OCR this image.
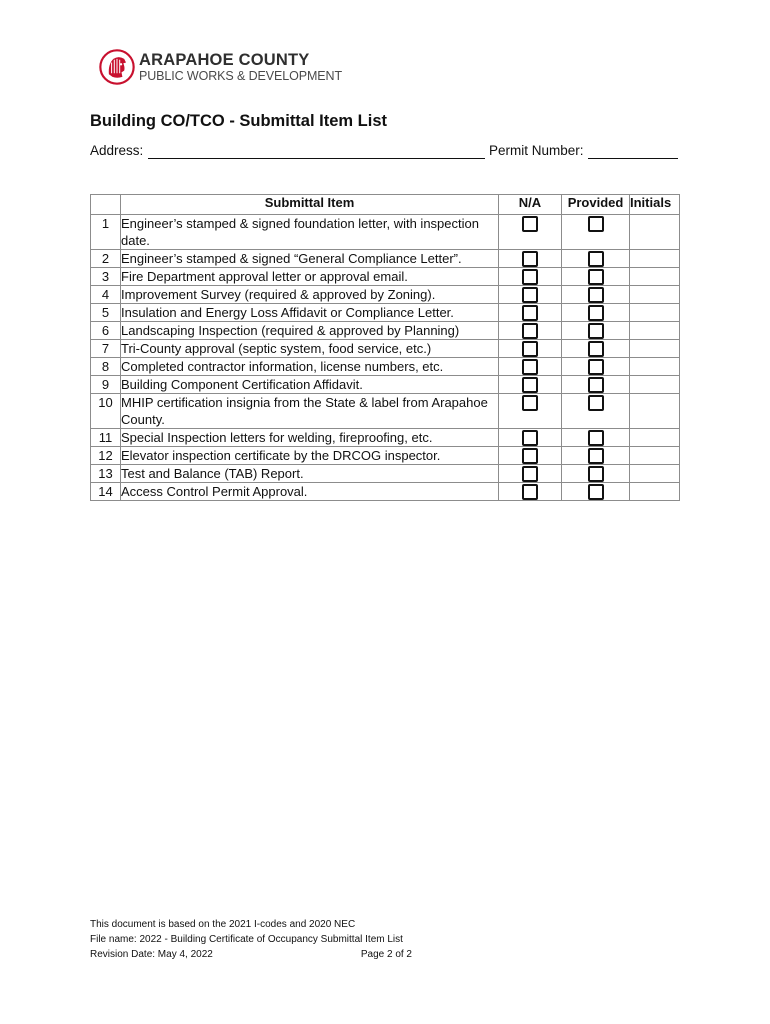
ARAPAHOE COUNTY
PUBLIC WORKS & DEVELOPMENT
Building CO/TCO - Submittal Item List
Address:	Permit Number:
	Submittal Item	N/A	Provided	Initials
1	Engineer’s stamped & signed foundation letter, with inspection date.			
2	Engineer’s stamped & signed “General Compliance Letter”.			
3	Fire Department approval letter or approval email.			
4	Improvement Survey (required & approved by Zoning).			
5	Insulation and Energy Loss Affidavit or Compliance Letter.			
6	Landscaping Inspection (required & approved by Planning)			
7	Tri-County approval (septic system, food service, etc.)			
8	Completed contractor information, license numbers, etc.			
9	Building Component Certification Affidavit.			
10	MHIP certification insignia from the State & label from Arapahoe County.			
11	Special Inspection letters for welding, fireproofing, etc.			
12	Elevator inspection certificate by the DRCOG inspector.			
13	Test and Balance (TAB) Report.			
14	Access Control Permit Approval.			
This document is based on the 2021 I-codes and 2020 NEC
File name: 2022 - Building Certificate of Occupancy Submittal Item List
Revision Date: May 4, 2022	Page 2 of 2
